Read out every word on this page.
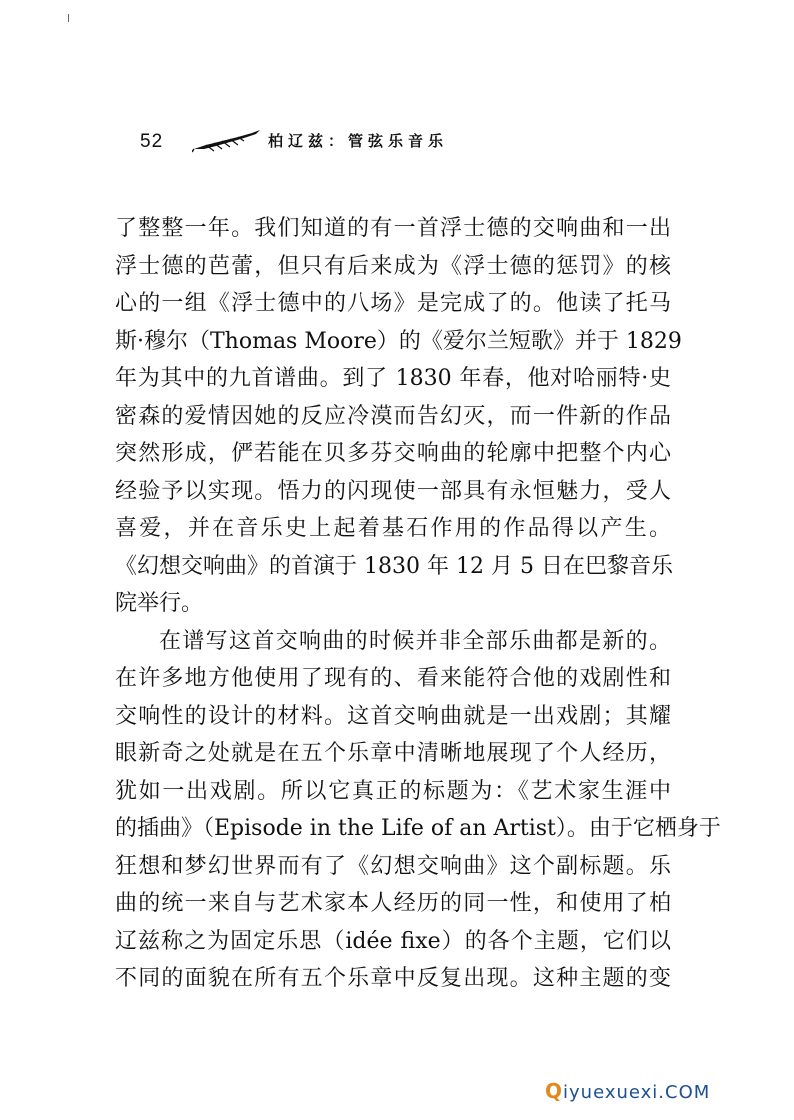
52	柏辽兹：管弦乐音乐
了整整一年。我们知道的有一首浮士德的交响曲和一出
浮士德的芭蕾，但只有后来成为《浮士德的惩罚》的核
心的一组《浮士德中的八场》是完成了的。他读了托马
斯·穆尔（Thomas Moore）的《爱尔兰短歌》并于 1829
年为其中的九首谱曲。到了 1830 年春，他对哈丽特·史
密森的爱情因她的反应冷漠而告幻灭，而一件新的作品
突然形成，俨若能在贝多芬交响曲的轮廓中把整个内心
经验予以实现。悟力的闪现使一部具有永恒魅力，受人
喜爱，并在音乐史上起着基石作用的作品得以产生。
《幻想交响曲》的首演于 1830 年 12 月 5 日在巴黎音乐
院举行。
在谱写这首交响曲的时候并非全部乐曲都是新的。
在许多地方他使用了现有的、看来能符合他的戏剧性和
交响性的设计的材料。这首交响曲就是一出戏剧；其耀
眼新奇之处就是在五个乐章中清晰地展现了个人经历，
犹如一出戏剧。所以它真正的标题为：《艺术家生涯中
的插曲》（Episode in the Life of an Artist）。由于它栖身于
狂想和梦幻世界而有了《幻想交响曲》这个副标题。乐
曲的统一来自与艺术家本人经历的同一性，和使用了柏
辽兹称之为固定乐思（idée fixe）的各个主题，它们以
不同的面貌在所有五个乐章中反复出现。这种主题的变
Qiyuexuexi.COM
